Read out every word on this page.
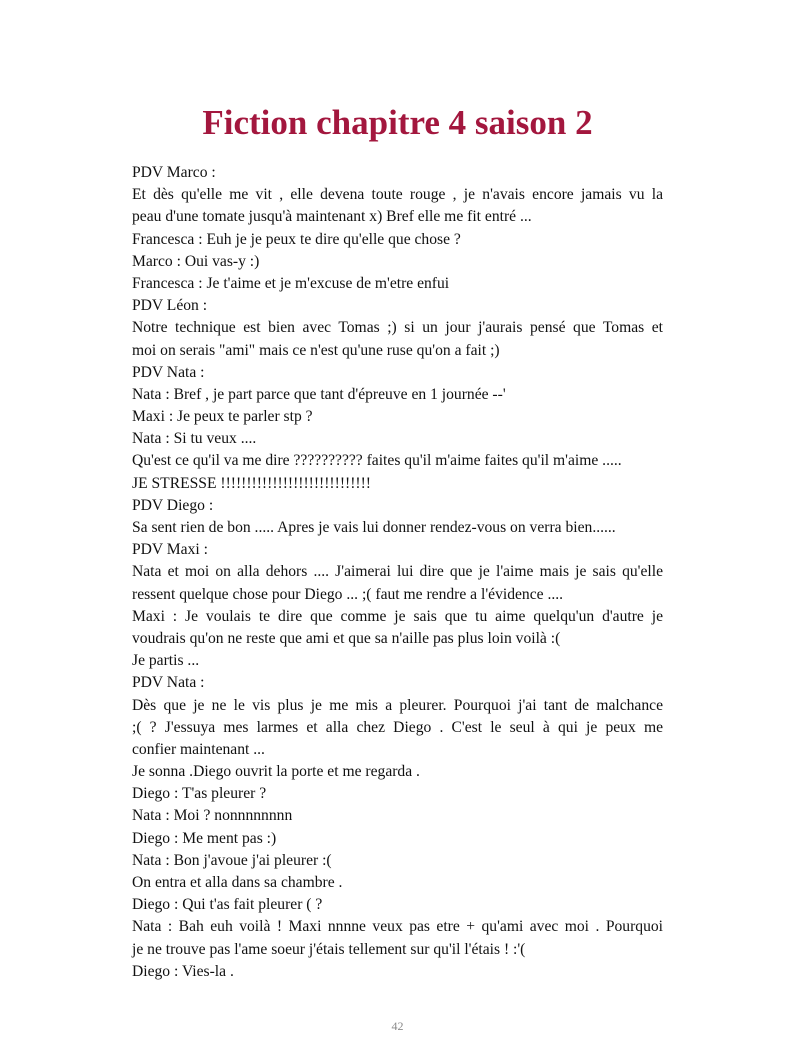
Fiction chapitre 4 saison 2
PDV Marco :
Et dès qu'elle me vit , elle devena toute rouge , je n'avais encore jamais vu la
peau d'une tomate jusqu'à maintenant x) Bref elle me fit entré ...
Francesca : Euh je je peux te dire qu'elle que chose ?
Marco : Oui vas-y :)
Francesca : Je t'aime et je m'excuse de m'etre enfui
PDV Léon :
Notre technique est bien avec Tomas ;) si un jour j'aurais pensé que Tomas et
moi on serais "ami" mais ce n'est qu'une ruse qu'on a fait ;)
PDV Nata :
Nata : Bref , je part parce que tant d'épreuve en 1 journée --'
Maxi : Je peux te parler stp ?
Nata : Si tu veux ....
Qu'est ce qu'il va me dire ?????????? faites qu'il m'aime faites qu'il m'aime .....
JE STRESSE !!!!!!!!!!!!!!!!!!!!!!!!!!!!!
PDV Diego :
Sa sent rien de bon ..... Apres je vais lui donner rendez-vous on verra bien......
PDV Maxi :
Nata et moi on alla dehors .... J'aimerai lui dire que je l'aime mais je sais qu'elle
ressent quelque chose pour Diego ... ;( faut me rendre a l'évidence ....
Maxi : Je voulais te dire que comme je sais que tu aime quelqu'un d'autre je
voudrais qu'on ne reste que ami et que sa n'aille pas plus loin voilà :(
Je partis ...
PDV Nata :
Dès que je ne le vis plus je me mis a pleurer. Pourquoi j'ai tant de malchance
;( ? J'essuya mes larmes et alla chez Diego . C'est le seul à qui je peux me
confier maintenant ...
Je sonna .Diego ouvrit la porte et me regarda .
Diego : T'as pleurer ?
Nata : Moi ? nonnnnnnnn
Diego : Me ment pas :)
Nata : Bon j'avoue j'ai pleurer :(
On entra et alla dans sa chambre .
Diego : Qui t'as fait pleurer ( ?
Nata : Bah euh voilà ! Maxi nnnne veux pas etre + qu'ami avec moi . Pourquoi
je ne trouve pas l'ame soeur j'étais tellement sur qu'il l'étais ! :'(
Diego : Vies-la .
42
